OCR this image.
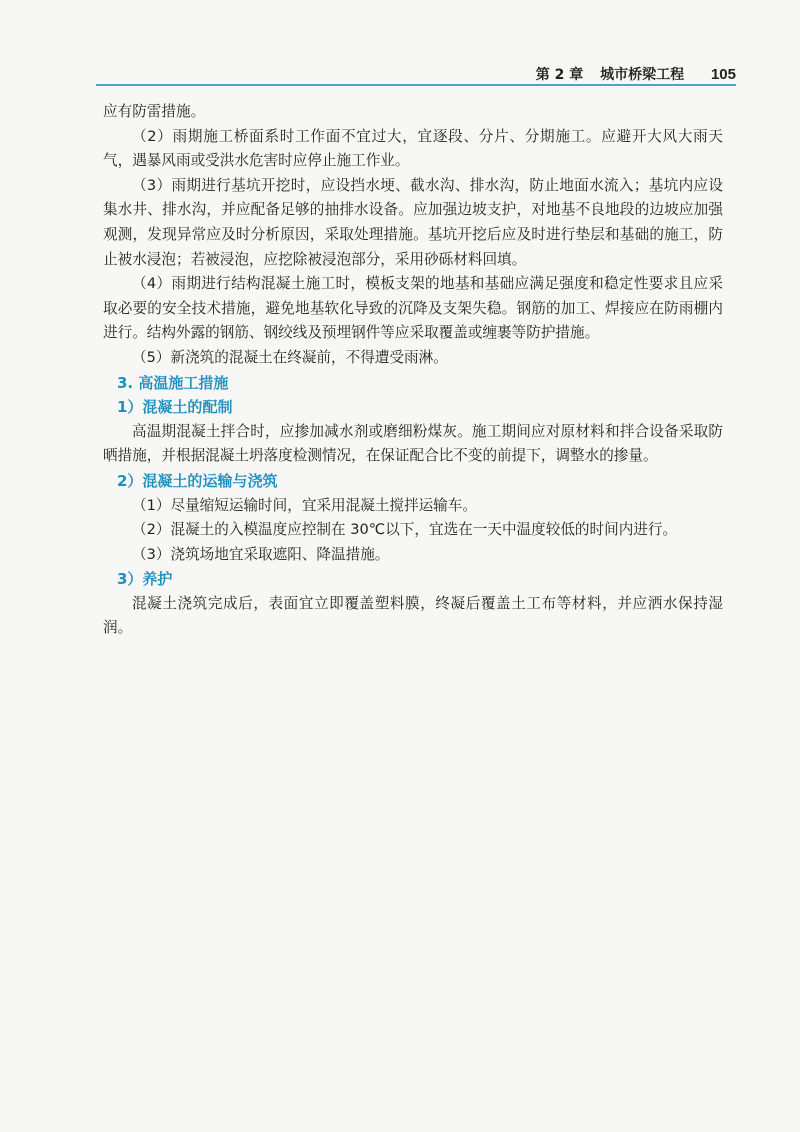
第 2 章 城市桥梁工程 105

应有防雷措施。

（2）雨期施工桥面系时工作面不宜过大，宜逐段、分片、分期施工。应避开大风大雨天气，遇暴风雨或受洪水危害时应停止施工作业。

（3）雨期进行基坑开挖时，应设挡水埂、截水沟、排水沟，防止地面水流入；基坑内应设集水井、排水沟，并应配备足够的抽排水设备。应加强边坡支护，对地基不良地段的边坡应加强观测，发现异常应及时分析原因，采取处理措施。基坑开挖后应及时进行垫层和基础的施工，防止被水浸泡；若被浸泡，应挖除被浸泡部分，采用砂砾材料回填。

（4）雨期进行结构混凝土施工时，模板支架的地基和基础应满足强度和稳定性要求且应采取必要的安全技术措施，避免地基软化导致的沉降及支架失稳。钢筋的加工、焊接应在防雨棚内进行。结构外露的钢筋、钢绞线及预埋钢件等应采取覆盖或缠裹等防护措施。

（5）新浇筑的混凝土在终凝前，不得遭受雨淋。

3. 高温施工措施

1）混凝土的配制

高温期混凝土拌合时，应掺加减水剂或磨细粉煤灰。施工期间应对原材料和拌合设备采取防晒措施，并根据混凝土坍落度检测情况，在保证配合比不变的前提下，调整水的掺量。

2）混凝土的运输与浇筑

（1）尽量缩短运输时间，宜采用混凝土搅拌运输车。

（2）混凝土的入模温度应控制在 30℃以下，宜选在一天中温度较低的时间内进行。

（3）浇筑场地宜采取遮阳、降温措施。

3）养护

混凝土浇筑完成后，表面宜立即覆盖塑料膜，终凝后覆盖土工布等材料，并应洒水保持湿润。
